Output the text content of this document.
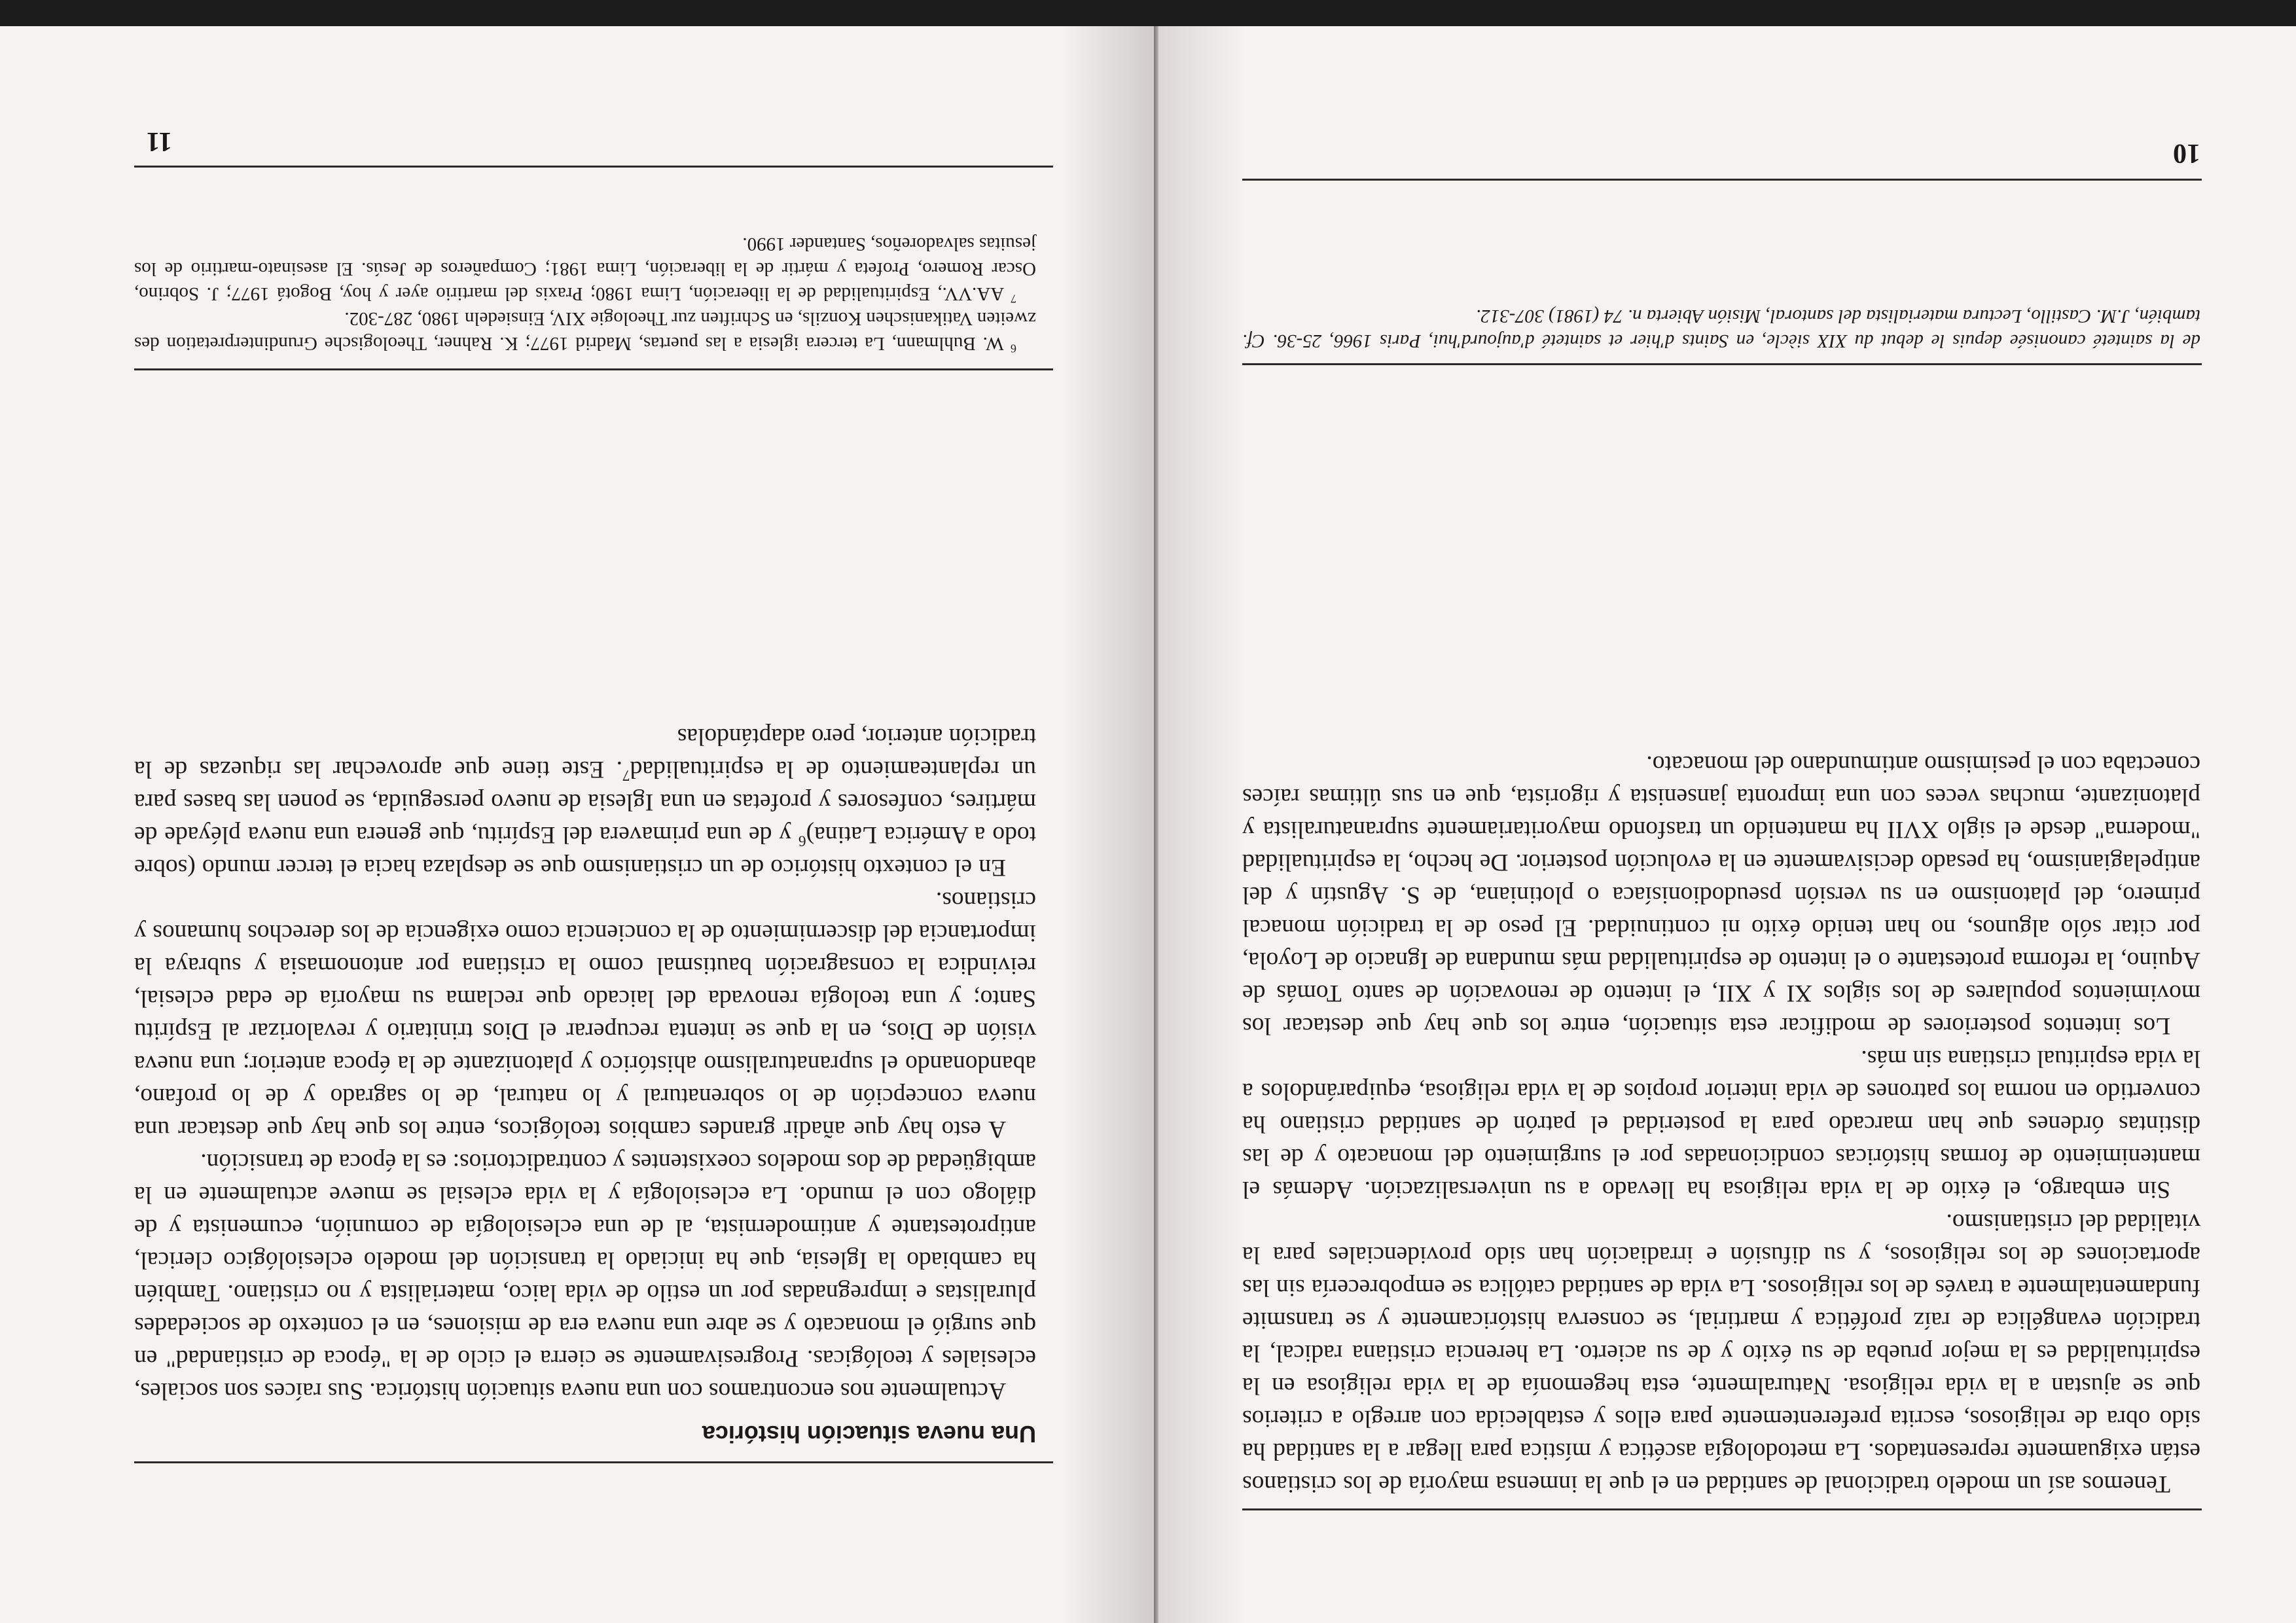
Tenemos así un modelo tradicional de santidad en el que la inmensa mayoría de los cristianos están exiguamente representados. La metodología ascética y mística para llegar a la santidad ha sido obra de religiosos, escrita preferentemente para ellos y establecida con arreglo a criterios que se ajustan a la vida religiosa. Naturalmente, esta hegemonía de la vida religiosa en la espiritualidad es la mejor prueba de su éxito y de su acierto. La herencia cristiana radical, la tradición evangélica de raíz profética y martirial, se conserva históricamente y se transmite fundamentalmente a través de los religiosos. La vida de santidad católica se empobrecería sin las aportaciones de los religiosos, y su difusión e irradiación han sido providenciales para la vitalidad del cristianismo.

Sin embargo, el éxito de la vida religiosa ha llevado a su universalización. Además el mantenimiento de formas históricas condicionadas por el surgimiento del monacato y de las distintas órdenes que han marcado para la posteridad el patrón de santidad cristiano ha convertido en norma los patrones de vida interior propios de la vida religiosa, equiparándolos a la vida espiritual cristiana sin más.

Los intentos posteriores de modificar esta situación, entre los que hay que destacar los movimientos populares de los siglos XI y XII, el intento de renovación de santo Tomás de Aquino, la reforma protestante o el intento de espiritualidad más mundana de Ignacio de Loyola, por citar sólo algunos, no han tenido éxito ni continuidad. El peso de la tradición monacal primero, del platonismo en su versión pseudodionisíaca o plotiniana, de S. Agustín y del antipelagianismo, ha pesado decisivamente en la evolución posterior. De hecho, la espiritualidad "moderna" desde el siglo XVII ha mantenido un trasfondo mayoritariamente supranaturalista y platonizante, muchas veces con una impronta jansenista y rigorista, que en sus últimas raíces conectaba con el pesimismo antimundano del monacato.

de la sainteté canonisée depuis le debut du XIX siècle, en Saints d'hier et sainteté d'aujourd'hui, Paris 1966, 25-36. Cf. también, J.M. Castillo, Lectura materialista del santoral, Misión Abierta n. 74 (1981) 307-312.

10
Una nueva situación histórica

Actualmente nos encontramos con una nueva situación histórica. Sus raíces son sociales, eclesiales y teológicas. Progresivamente se cierra el ciclo de la "época de cristiandad" en que surgió el monacato y se abre una nueva era de misiones, en el contexto de sociedades pluralistas e impregnadas por un estilo de vida laico, materialista y no cristiano. También ha cambiado la Iglesia, que ha iniciado la transición del modelo eclesiológico clerical, antiprotestante y antimodernista, al de una eclesiología de comunión, ecumenista y de diálogo con el mundo. La eclesiología y la vida eclesial se mueve actualmente en la ambigüedad de dos modelos coexistentes y contradictorios: es la época de transición.

A esto hay que añadir grandes cambios teológicos, entre los que hay que destacar una nueva concepción de lo sobrenatural y lo natural, de lo sagrado y de lo profano, abandonando el supranaturalismo ahistórico y platonizante de la época anterior; una nueva visión de Dios, en la que se intenta recuperar el Dios trinitario y revalorizar al Espíritu Santo; y una teología renovada del laicado que reclama su mayoría de edad eclesial, reivindica la consagración bautismal como la cristiana por antonomasia y subraya la importancia del discernimiento de la conciencia como exigencia de los derechos humanos y cristianos.

En el contexto histórico de un cristianismo que se desplaza hacia el tercer mundo (sobre todo a América Latina)$^6$ y de una primavera del Espíritu, que genera una nueva pléyade de mártires, confesores y profetas en una Iglesia de nuevo perseguida, se ponen las bases para un replanteamiento de la espiritualidad$^7$. Este tiene que aprovechar las riquezas de la tradición anterior, pero adaptándolas

$^6$ W. Buhlmann, La tercera iglesia a las puertas, Madrid 1977; K. Rahner, Theologische Grundinterpretation des zweiten Vatikanischen Konzils, en Schriften zur Theologie XIV, Einsiedeln 1980, 287-302.

$^7$ AA.VV., Espiritualidad de la liberación, Lima 1980; Praxis del martirio ayer y hoy, Bogotá 1977; J. Sobrino, Oscar Romero, Profeta y mártir de la liberación, Lima 1981; Compañeros de Jesús. El asesinato-martirio de los jesuitas salvadoreños, Santander 1990.

11
